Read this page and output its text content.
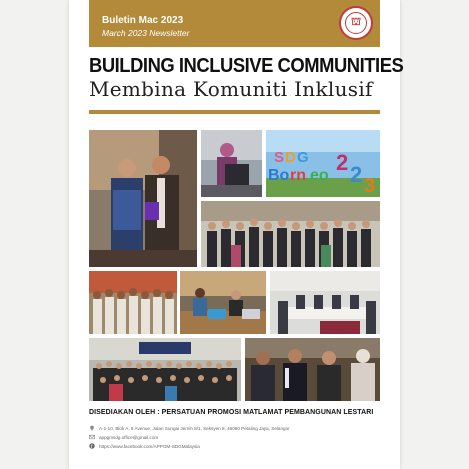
Buletin Mac 2023
March 2023 Newsletter
⛫
BUILDING INCLUSIVE COMMUNITIES
Membina Komuniti Inklusif
S D G
Bo rn eo
2 2 3
DISEDIAKAN OLEH : PERSATUAN PROMOSI MATLAMAT PEMBANGUNAN LESTARI
A-1-10, Blok A, 8 Avenue, Jalan Sungai Jernih 8/1, Seksyen 8, 46050 Petaling Jaya, Selangor
appgmsdg.office@gmail.com
f https://www.facebook.com/APPGM-SDGMalaysia
